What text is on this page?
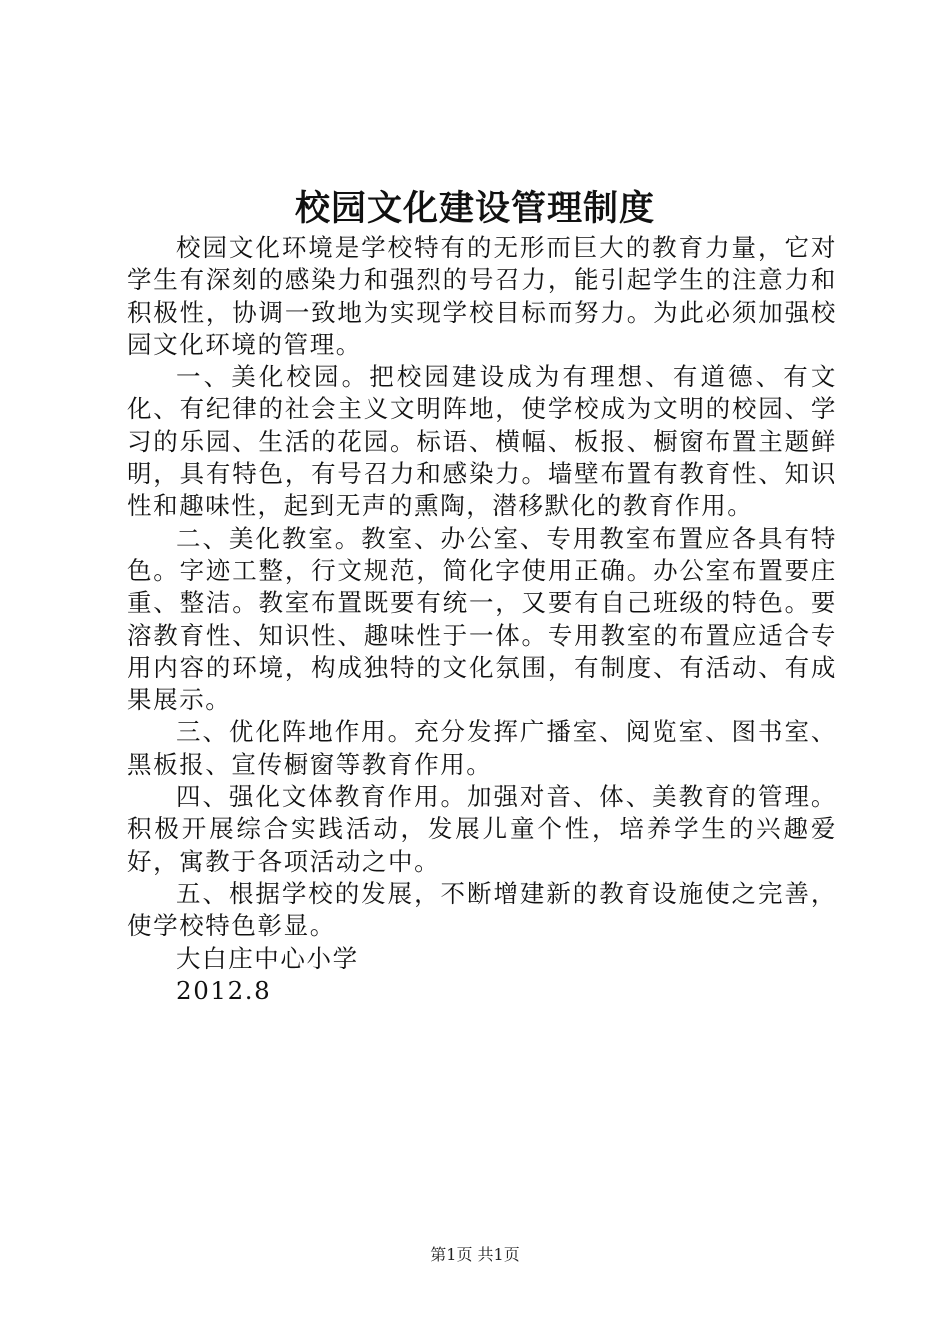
校园文化建设管理制度

校园文化环境是学校特有的无形而巨大的教育力量，它对学生有深刻的感染力和强烈的号召力，能引起学生的注意力和积极性，协调一致地为实现学校目标而努力。为此必须加强校园文化环境的管理。

一、美化校园。把校园建设成为有理想、有道德、有文化、有纪律的社会主义文明阵地，使学校成为文明的校园、学习的乐园、生活的花园。标语、横幅、板报、橱窗布置主题鲜明，具有特色，有号召力和感染力。墙壁布置有教育性、知识性和趣味性，起到无声的熏陶，潜移默化的教育作用。

二、美化教室。教室、办公室、专用教室布置应各具有特色。字迹工整，行文规范，简化字使用正确。办公室布置要庄重、整洁。教室布置既要有统一，又要有自己班级的特色。要溶教育性、知识性、趣味性于一体。专用教室的布置应适合专用内容的环境，构成独特的文化氛围，有制度、有活动、有成果展示。

三、优化阵地作用。充分发挥广播室、阅览室、图书室、黑板报、宣传橱窗等教育作用。

四、强化文体教育作用。加强对音、体、美教育的管理。积极开展综合实践活动，发展儿童个性，培养学生的兴趣爱好，寓教于各项活动之中。

五、根据学校的发展，不断增建新的教育设施使之完善，使学校特色彰显。

大白庄中心小学

2012.8

第1页 共1页
